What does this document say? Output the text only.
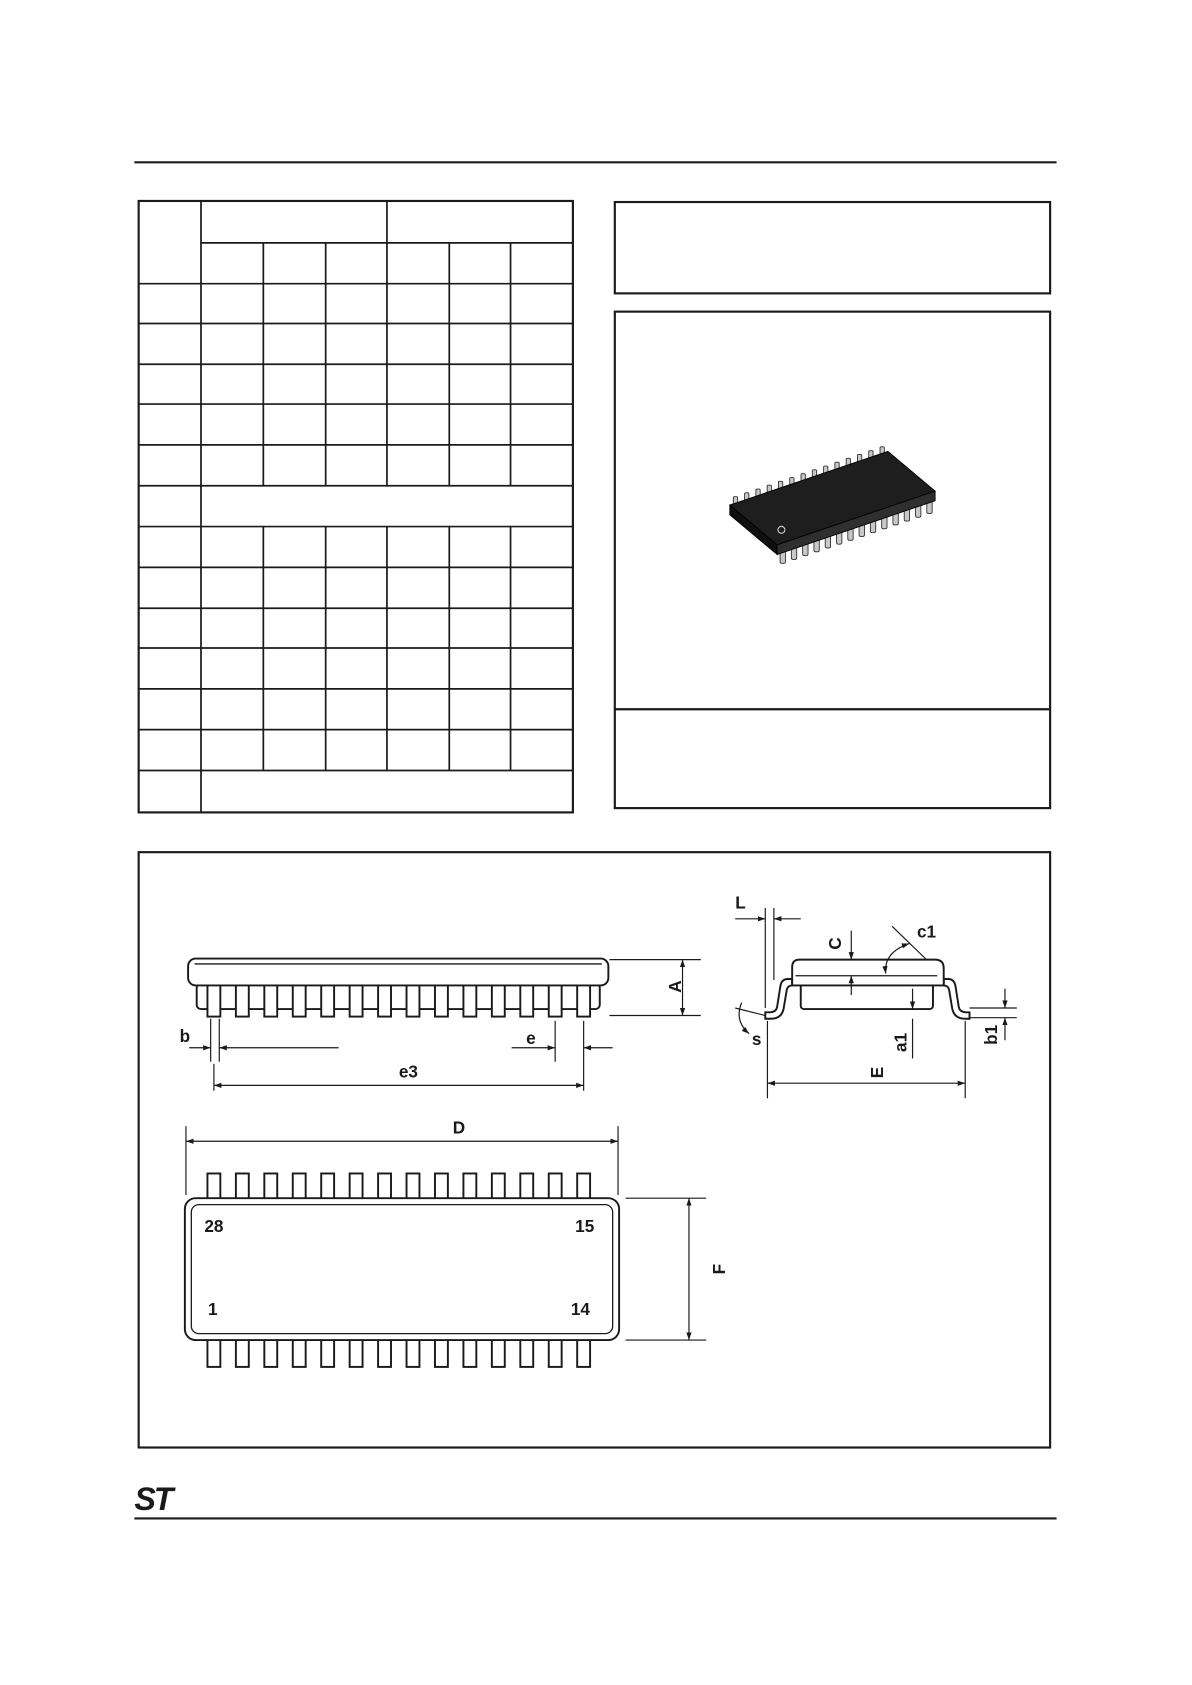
A
b	e
e3
D
28	15
1	14
F
L
C
c1
a1	b1
s
E
ST
